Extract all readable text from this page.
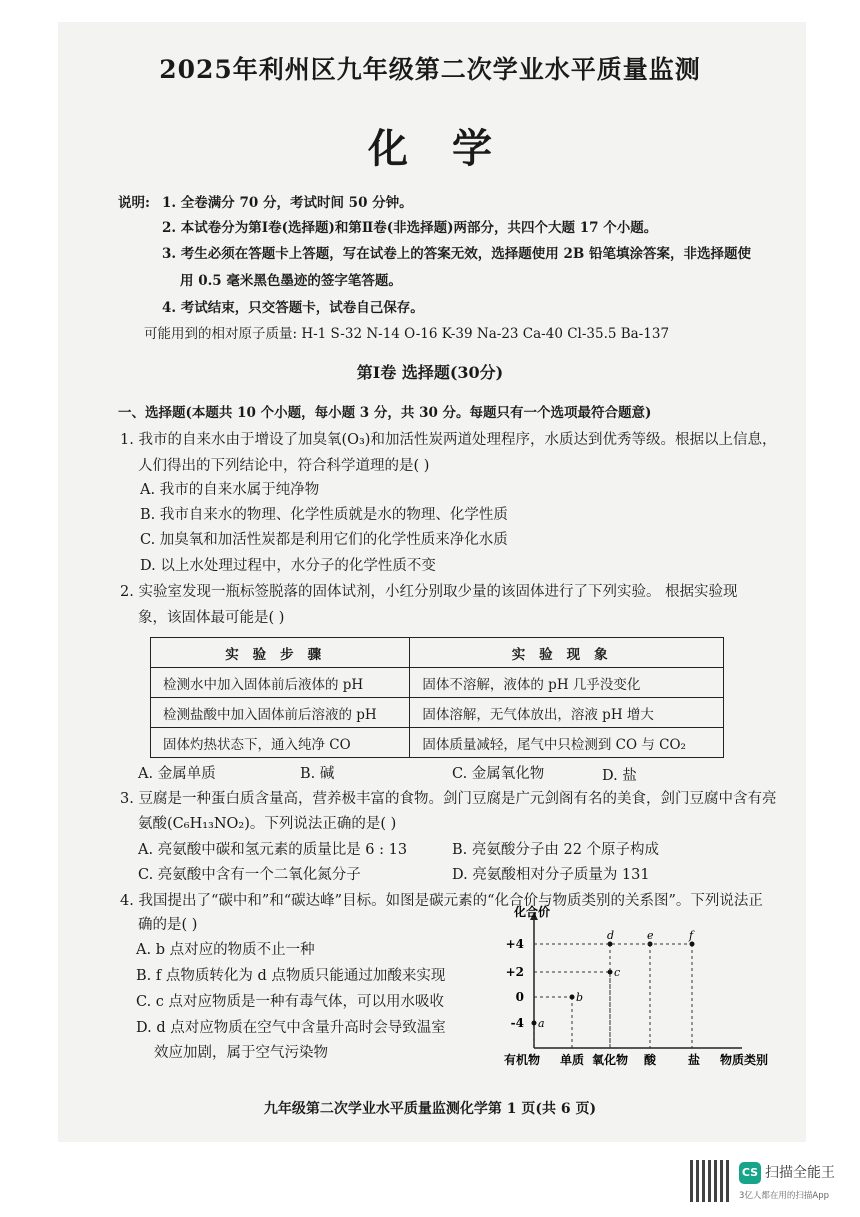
2025年利州区九年级第二次学业水平质量监测
化学
说明: 1. 全卷满分 70 分，考试时间 50 分钟。
2. 本试卷分为第Ⅰ卷(选择题)和第Ⅱ卷(非选择题)两部分，共四个大题 17 个小题。
3. 考生必须在答题卡上答题，写在试卷上的答案无效，选择题使用 2B 铅笔填涂答案，非选择题使
用 0.5 毫米黑色墨迹的签字笔答题。
4. 考试结束，只交答题卡，试卷自己保存。
可能用到的相对原子质量: H-1 S-32 N-14 O-16 K-39 Na-23 Ca-40 Cl-35.5 Ba-137
第Ⅰ卷 选择题(30分)
一、选择题(本题共 10 个小题，每小题 3 分，共 30 分。每题只有一个选项最符合题意)
1. 我市的自来水由于增设了加臭氧(O₃)和加活性炭两道处理程序，水质达到优秀等级。根据以上信息，
人们得出的下列结论中，符合科学道理的是( )
A. 我市的自来水属于纯净物
B. 我市自来水的物理、化学性质就是水的物理、化学性质
C. 加臭氧和加活性炭都是利用它们的化学性质来净化水质
D. 以上水处理过程中，水分子的化学性质不变
2. 实验室发现一瓶标签脱落的固体试剂，小红分别取少量的该固体进行了下列实验。 根据实验现
象，该固体最可能是( )
实验步骤	实验现象
检测水中加入固体前后液体的 pH	固体不溶解，液体的 pH 几乎没变化
检测盐酸中加入固体前后溶液的 pH	固体溶解，无气体放出，溶液 pH 增大
固体灼热状态下，通入纯净 CO	固体质量减轻，尾气中只检测到 CO 与 CO₂
A. 金属单质	B. 碱	C. 金属氧化物	D. 盐
3. 豆腐是一种蛋白质含量高，营养极丰富的食物。剑门豆腐是广元剑阁有名的美食，剑门豆腐中含有亮
氨酸(C₆H₁₃NO₂)。下列说法正确的是( )
A. 亮氨酸中碳和氢元素的质量比是 6 : 13	B. 亮氨酸分子由 22 个原子构成
C. 亮氨酸中含有一个二氧化氮分子	D. 亮氨酸相对分子质量为 131
4. 我国提出了“碳中和”和“碳达峰”目标。如图是碳元素的“化合价与物质类别的关系图”。下列说法正
确的是( )
A. b 点对应的物质不止一种
B. f 点物质转化为 d 点物质只能通过加酸来实现
C. c 点对应物质是一种有毒气体，可以用水吸收
D. d 点对应物质在空气中含量升高时会导致温室
效应加剧，属于空气污染物
化合价
+4
+2
0
-4
有机物 单质 氧化物 酸	盐 物质类别
a
b
c
d	e	f
九年级第二次学业水平质量监测化学第 1 页(共 6 页)
CS 扫描全能王
3亿人都在用的扫描App
